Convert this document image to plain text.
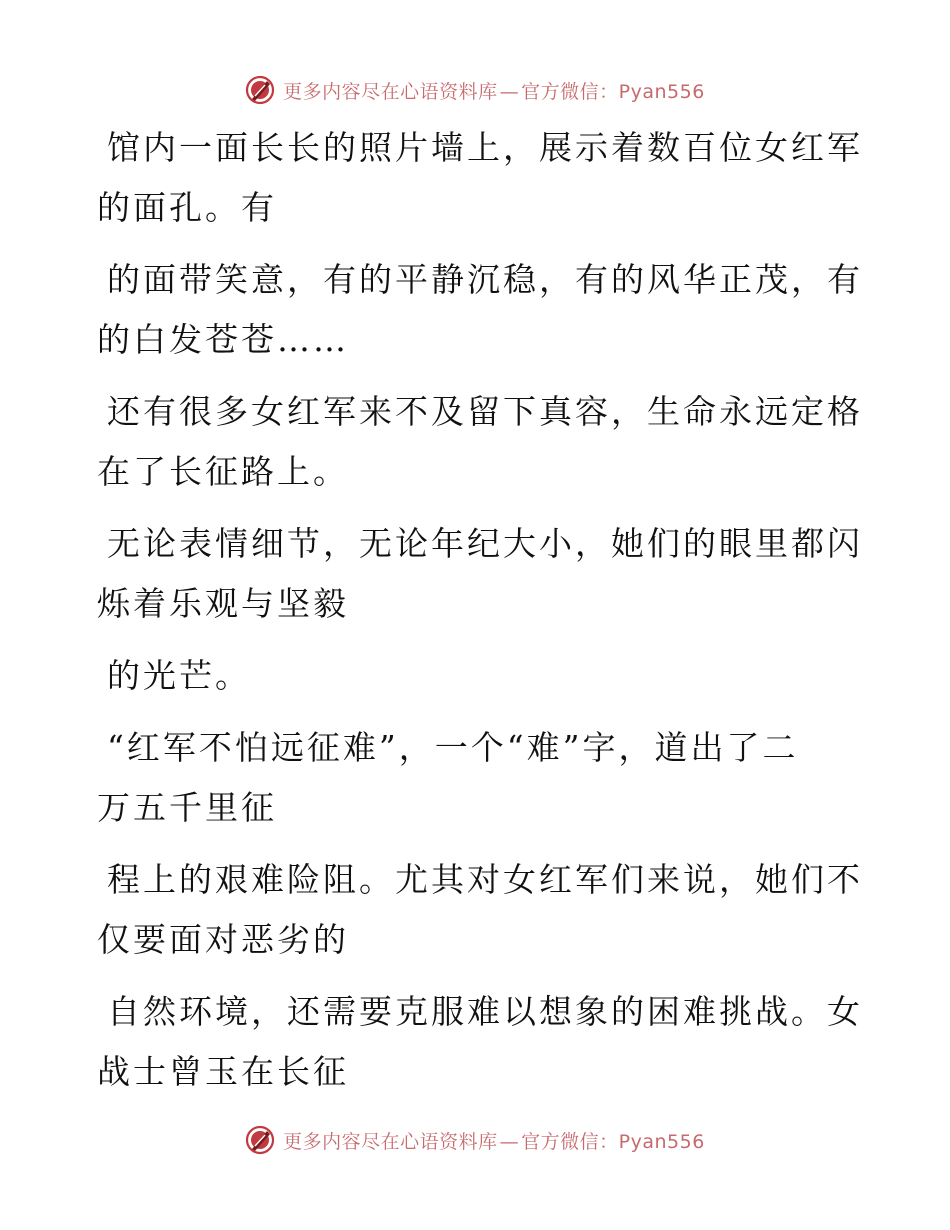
更多内容尽在心语资料库 — 官方微信：Pyan556

馆内一面长长的照片墙上，展示着数百位女红军
的面孔。有

的面带笑意，有的平静沉稳，有的风华正茂，有
的白发苍苍……

还有很多女红军来不及留下真容，生命永远定格
在了长征路上。

无论表情细节，无论年纪大小，她们的眼里都闪
烁着乐观与坚毅

的光芒。

“红军不怕远征难”，一个“难”字，道出了二
万五千里征

程上的艰难险阻。尤其对女红军们来说，她们不
仅要面对恶劣的

自然环境，还需要克服难以想象的困难挑战。女
战士曾玉在长征

更多内容尽在心语资料库 — 官方微信：Pyan556
